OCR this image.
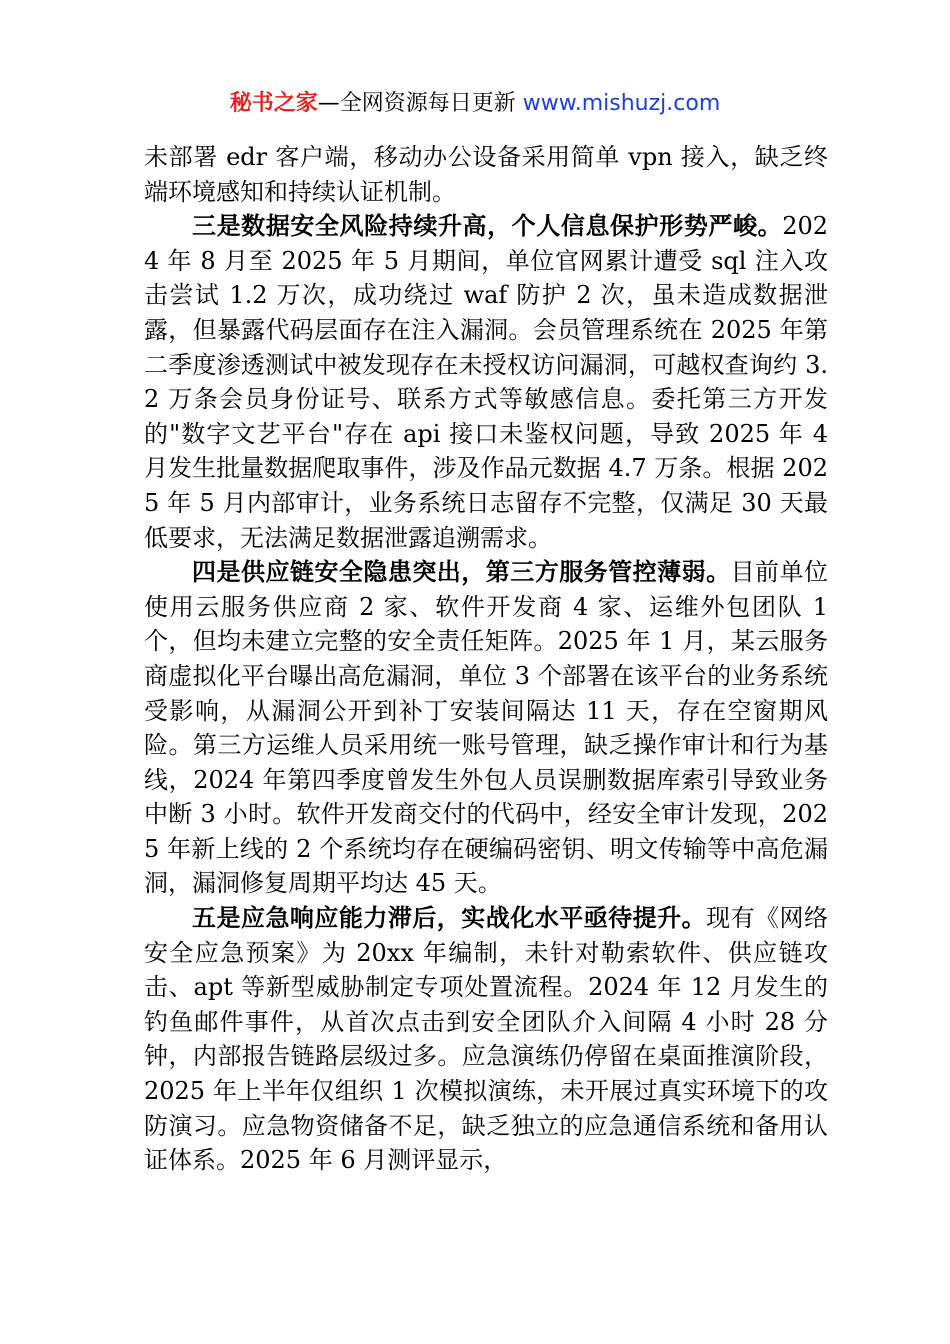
秘书之家—全网资源每日更新 www.mishuzj.com

未部署 edr 客户端，移动办公设备采用简单 vpn 接入，缺乏终端环境感知和持续认证机制。

三是数据安全风险持续升高，个人信息保护形势严峻。2024 年 8 月至 2025 年 5 月期间，单位官网累计遭受 sql 注入攻击尝试 1.2 万次，成功绕过 waf 防护 2 次，虽未造成数据泄露，但暴露代码层面存在注入漏洞。会员管理系统在 2025 年第二季度渗透测试中被发现存在未授权访问漏洞，可越权查询约 3.2 万条会员身份证号、联系方式等敏感信息。委托第三方开发的"数字文艺平台"存在 api 接口未鉴权问题，导致 2025 年 4 月发生批量数据爬取事件，涉及作品元数据 4.7 万条。根据 2025 年 5 月内部审计，业务系统日志留存不完整，仅满足 30 天最低要求，无法满足数据泄露追溯需求。

四是供应链安全隐患突出，第三方服务管控薄弱。目前单位使用云服务供应商 2 家、软件开发商 4 家、运维外包团队 1 个，但均未建立完整的安全责任矩阵。2025 年 1 月，某云服务商虚拟化平台曝出高危漏洞，单位 3 个部署在该平台的业务系统受影响，从漏洞公开到补丁安装间隔达 11 天，存在空窗期风险。第三方运维人员采用统一账号管理，缺乏操作审计和行为基线，2024 年第四季度曾发生外包人员误删数据库索引导致业务中断 3 小时。软件开发商交付的代码中，经安全审计发现，2025 年新上线的 2 个系统均存在硬编码密钥、明文传输等中高危漏洞，漏洞修复周期平均达 45 天。

五是应急响应能力滞后，实战化水平亟待提升。现有《网络安全应急预案》为 20xx 年编制，未针对勒索软件、供应链攻击、apt 等新型威胁制定专项处置流程。2024 年 12 月发生的钓鱼邮件事件，从首次点击到安全团队介入间隔 4 小时 28 分钟，内部报告链路层级过多。应急演练仍停留在桌面推演阶段，2025 年上半年仅组织 1 次模拟演练，未开展过真实环境下的攻防演习。应急物资储备不足，缺乏独立的应急通信系统和备用认证体系。2025 年 6 月测评显示，
